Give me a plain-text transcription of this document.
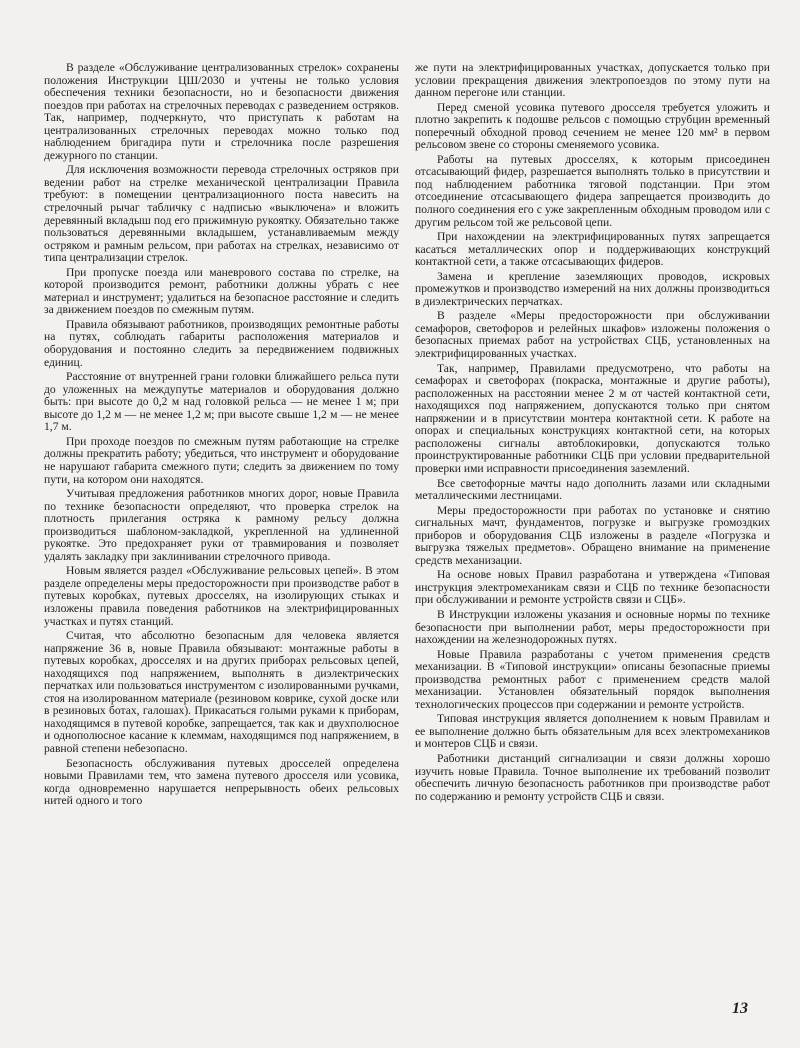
В разделе «Обслуживание централизованных стрелок» сохранены положения Инструкции ЦШ/2030 и учтены не только условия обеспечения техники безопасности, но и безопасности движения поездов при работах на стрелочных переводах с разведением остряков. Так, например, подчеркнуто, что приступать к работам на централизованных стрелочных переводах можно только под наблюдением бригадира пути и стрелочника после разрешения дежурного по станции.

Для исключения возможности перевода стрелочных остряков при ведении работ на стрелке механической централизации Правила требуют: в помещении централизационного поста навесить на стрелочный рычаг табличку с надписью «выключена» и вложить деревянный вкладыш под его прижимную рукоятку. Обязательно также пользоваться деревянными вкладышем, устанавливаемым между остряком и рамным рельсом, при работах на стрелках, независимо от типа централизации стрелок.

При пропуске поезда или маневрового состава по стрелке, на которой производится ремонт, работники должны убрать с нее материал и инструмент; удалиться на безопасное расстояние и следить за движением поездов по смежным путям.

Правила обязывают работников, производящих ремонтные работы на путях, соблюдать габариты расположения материалов и оборудования и постоянно следить за передвижением подвижных единиц.

Расстояние от внутренней грани головки ближайшего рельса пути до уложенных на междупутье материалов и оборудования должно быть: при высоте до 0,2 м над головкой рельса — не менее 1 м; при высоте до 1,2 м — не менее 1,2 м; при высоте свыше 1,2 м — не менее 1,7 м.

При проходе поездов по смежным путям работающие на стрелке должны прекратить работу; убедиться, что инструмент и оборудование не нарушают габарита смежного пути; следить за движением по тому пути, на котором они находятся.

Учитывая предложения работников многих дорог, новые Правила по технике безопасности определяют, что проверка стрелок на плотность прилегания остряка к рамному рельсу должна производиться шаблоном-закладкой, укрепленной на удлиненной рукоятке. Это предохраняет руки от травмирования и позволяет удалять закладку при заклинивании стрелочного привода.

Новым является раздел «Обслуживание рельсовых цепей». В этом разделе определены меры предосторожности при производстве работ в путевых коробках, путевых дросселях, на изолирующих стыках и изложены правила поведения работников на электрифицированных участках и путях станций.

Считая, что абсолютно безопасным для человека является напряжение 36 в, новые Правила обязывают: монтажные работы в путевых коробках, дросселях и на других приборах рельсовых цепей, находящихся под напряжением, выполнять в диэлектрических перчатках или пользоваться инструментом с изолированными ручками, стоя на изолированном материале (резиновом коврике, сухой доске или в резиновых ботах, галошах). Прикасаться голыми руками к приборам, находящимся в путевой коробке, запрещается, так как и двухполюсное и однополюсное касание к клеммам, находящимся под напряжением, в равной степени небезопасно.

Безопасность обслуживания путевых дросселей определена новыми Правилами тем, что замена путевого дросселя или усовика, когда одновременно нарушается непрерывность обеих рельсовых нитей одного и того

же пути на электрифицированных участках, допускается только при условии прекращения движения электропоездов по этому пути на данном перегоне или станции.

Перед сменой усовика путевого дросселя требуется уложить и плотно закрепить к подошве рельсов с помощью струбцин временный поперечный обходной провод сечением не менее 120 мм² в первом рельсовом звене со стороны сменяемого усовика.

Работы на путевых дросселях, к которым присоединен отсасывающий фидер, разрешается выполнять только в присутствии и под наблюдением работника тяговой подстанции. При этом отсоединение отсасывающего фидера запрещается производить до полного соединения его с уже закрепленным обходным проводом или с другим рельсом той же рельсовой цепи.

При нахождении на электрифицированных путях запрещается касаться металлических опор и поддерживающих конструкций контактной сети, а также отсасывающих фидеров.

Замена и крепление заземляющих проводов, искровых промежутков и производство измерений на них должны производиться в диэлектрических перчатках.

В разделе «Меры предосторожности при обслуживании семафоров, светофоров и релейных шкафов» изложены положения о безопасных приемах работ на устройствах СЦБ, установленных на электрифицированных участках.

Так, например, Правилами предусмотрено, что работы на семафорах и светофорах (покраска, монтажные и другие работы), расположенных на расстоянии менее 2 м от частей контактной сети, находящихся под напряжением, допускаются только при снятом напряжении и в присутствии монтера контактной сети. К работе на опорах и специальных конструкциях контактной сети, на которых расположены сигналы автоблокировки, допускаются только проинструктированные работники СЦБ при условии предварительной проверки ими исправности присоединения заземлений.

Все светофорные мачты надо дополнить лазами или складными металлическими лестницами.

Меры предосторожности при работах по установке и снятию сигнальных мачт, фундаментов, погрузке и выгрузке громоздких приборов и оборудования СЦБ изложены в разделе «Погрузка и выгрузка тяжелых предметов». Обращено внимание на применение средств механизации.

На основе новых Правил разработана и утверждена «Типовая инструкция электромеханикам связи и СЦБ по технике безопасности при обслуживании и ремонте устройств связи и СЦБ».

В Инструкции изложены указания и основные нормы по технике безопасности при выполнении работ, меры предосторожности при нахождении на железнодорожных путях.

Новые Правила разработаны с учетом применения средств механизации. В «Типовой инструкции» описаны безопасные приемы производства ремонтных работ с применением средств малой механизации. Установлен обязательный порядок выполнения технологических процессов при содержании и ремонте устройств.

Типовая инструкция является дополнением к новым Правилам и ее выполнение должно быть обязательным для всех электромехаников и монтеров СЦБ и связи.

Работники дистанций сигнализации и связи должны хорошо изучить новые Правила. Точное выполнение их требований позволит обеспечить личную безопасность работников при производстве работ по содержанию и ремонту устройств СЦБ и связи.

13
